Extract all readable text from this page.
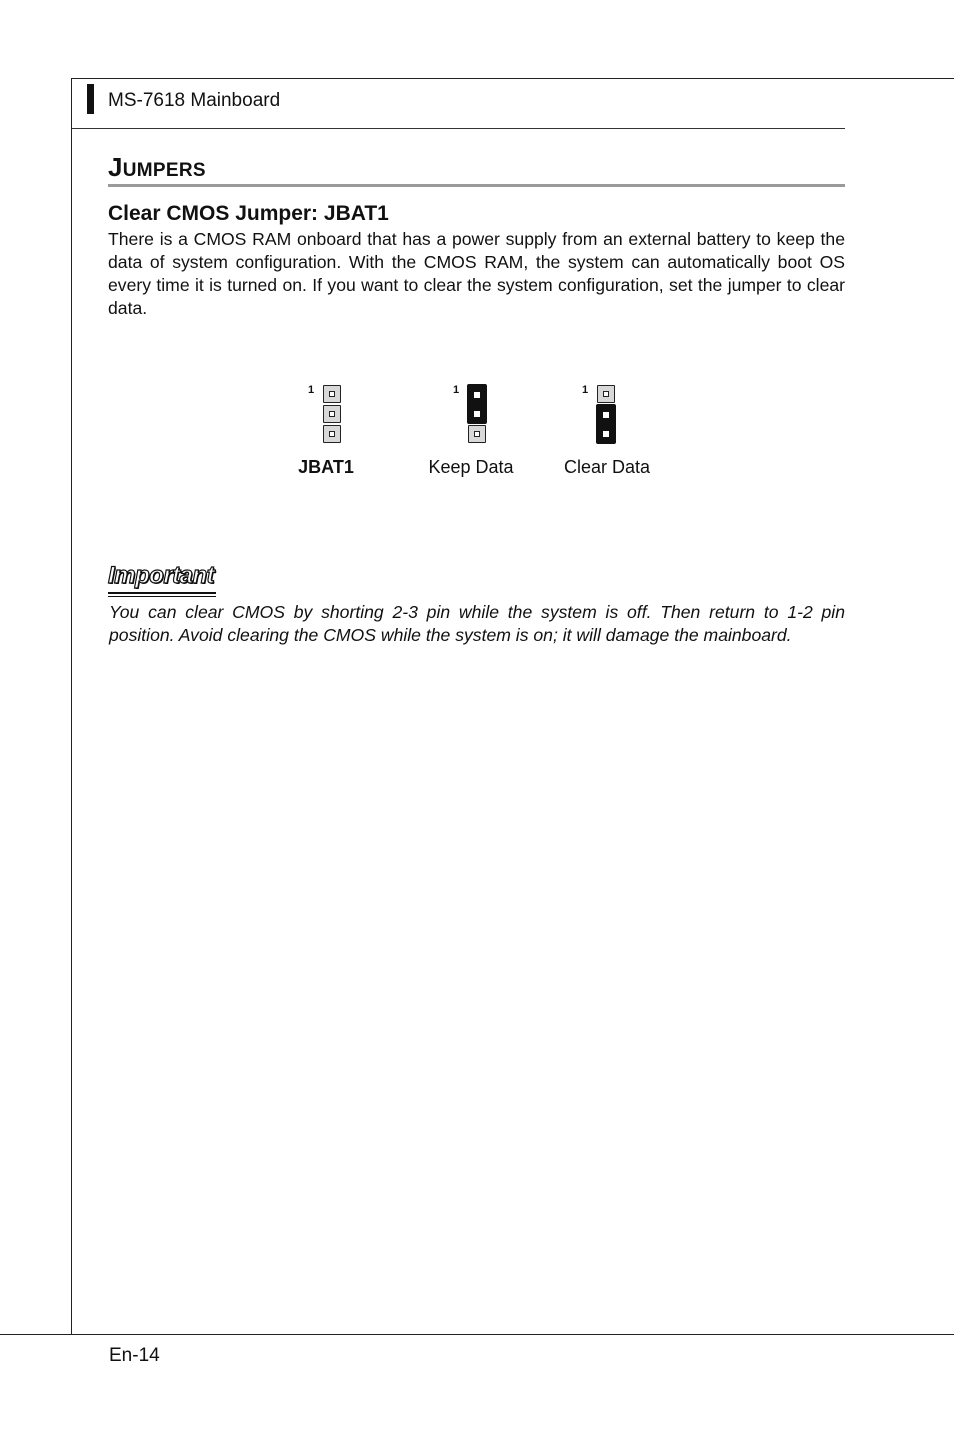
MS-7618 Mainboard
JUMPERS
Clear CMOS Jumper: JBAT1

There is a CMOS RAM onboard that has a power supply from an external battery to keep the data of system configuration. With the CMOS RAM, the system can automatically boot OS every time it is turned on. If you want to clear the system configuration, set the jumper to clear data.

1
JBAT1
1
Keep Data
1
Clear Data
Important

You can clear CMOS by shorting 2-3 pin while the system is off. Then return to 1-2 pin position. Avoid clearing the CMOS while the system is on; it will damage the mainboard.

En-14
